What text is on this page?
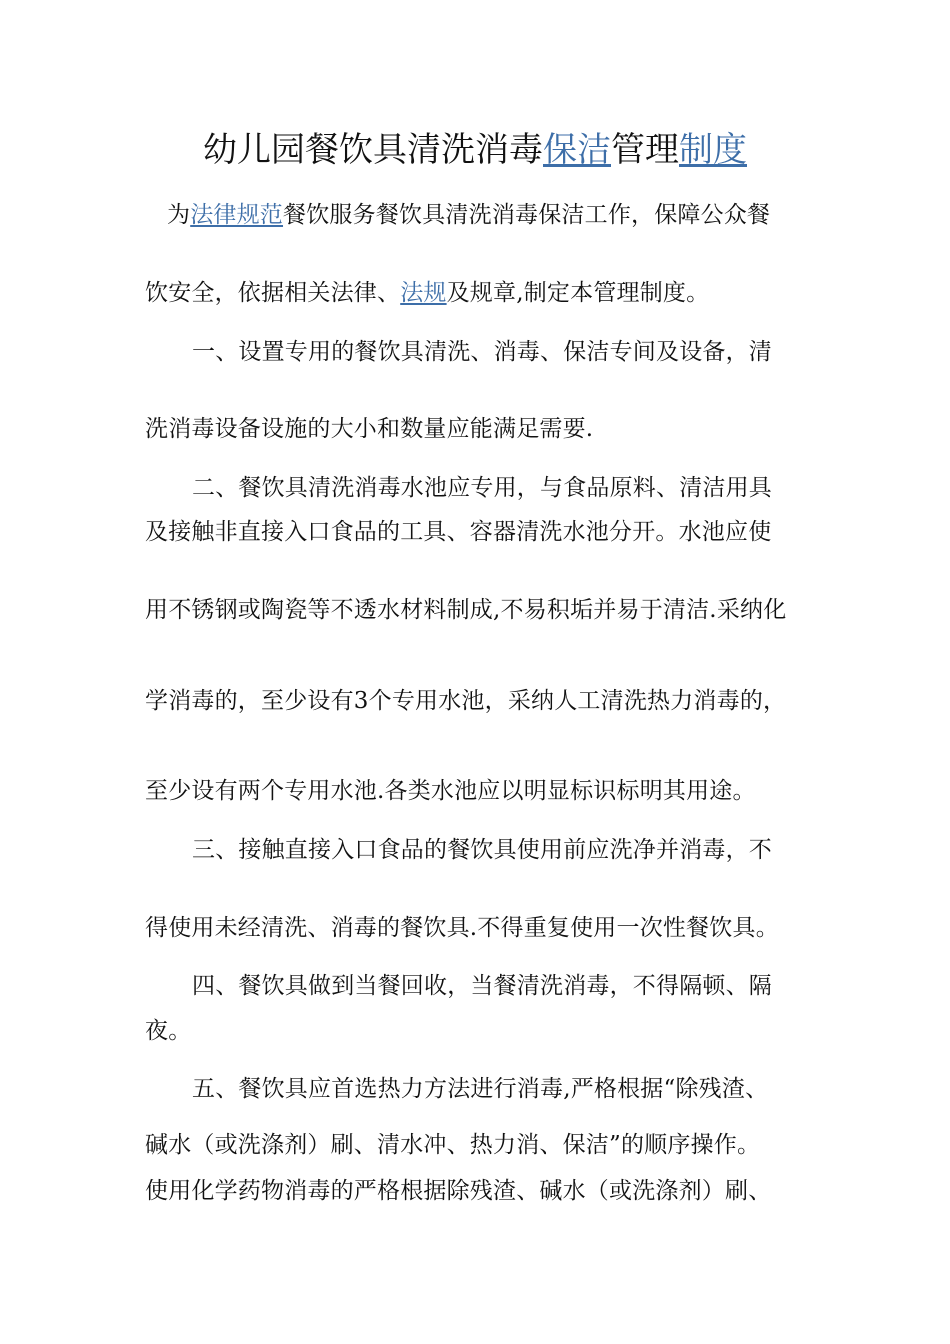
幼儿园餐饮具清洗消毒保洁管理制度
为法律规范餐饮服务餐饮具清洗消毒保洁工作，保障公众餐
饮安全，依据相关法律、法规及规章,制定本管理制度。
一、设置专用的餐饮具清洗、消毒、保洁专间及设备，清
洗消毒设备设施的大小和数量应能满足需要.
二、餐饮具清洗消毒水池应专用，与食品原料、清洁用具
及接触非直接入口食品的工具、容器清洗水池分开。水池应使
用不锈钢或陶瓷等不透水材料制成,不易积垢并易于清洁.采纳化
学消毒的，至少设有3个专用水池，采纳人工清洗热力消毒的，
至少设有两个专用水池.各类水池应以明显标识标明其用途。
三、接触直接入口食品的餐饮具使用前应洗净并消毒，不
得使用未经清洗、消毒的餐饮具.不得重复使用一次性餐饮具。
四、餐饮具做到当餐回收，当餐清洗消毒，不得隔顿、隔
夜。
五、餐饮具应首选热力方法进行消毒,严格根据“除残渣、
碱水（或洗涤剂）刷、清水冲、热力消、保洁”的顺序操作。
使用化学药物消毒的严格根据除残渣、碱水（或洗涤剂）刷、
